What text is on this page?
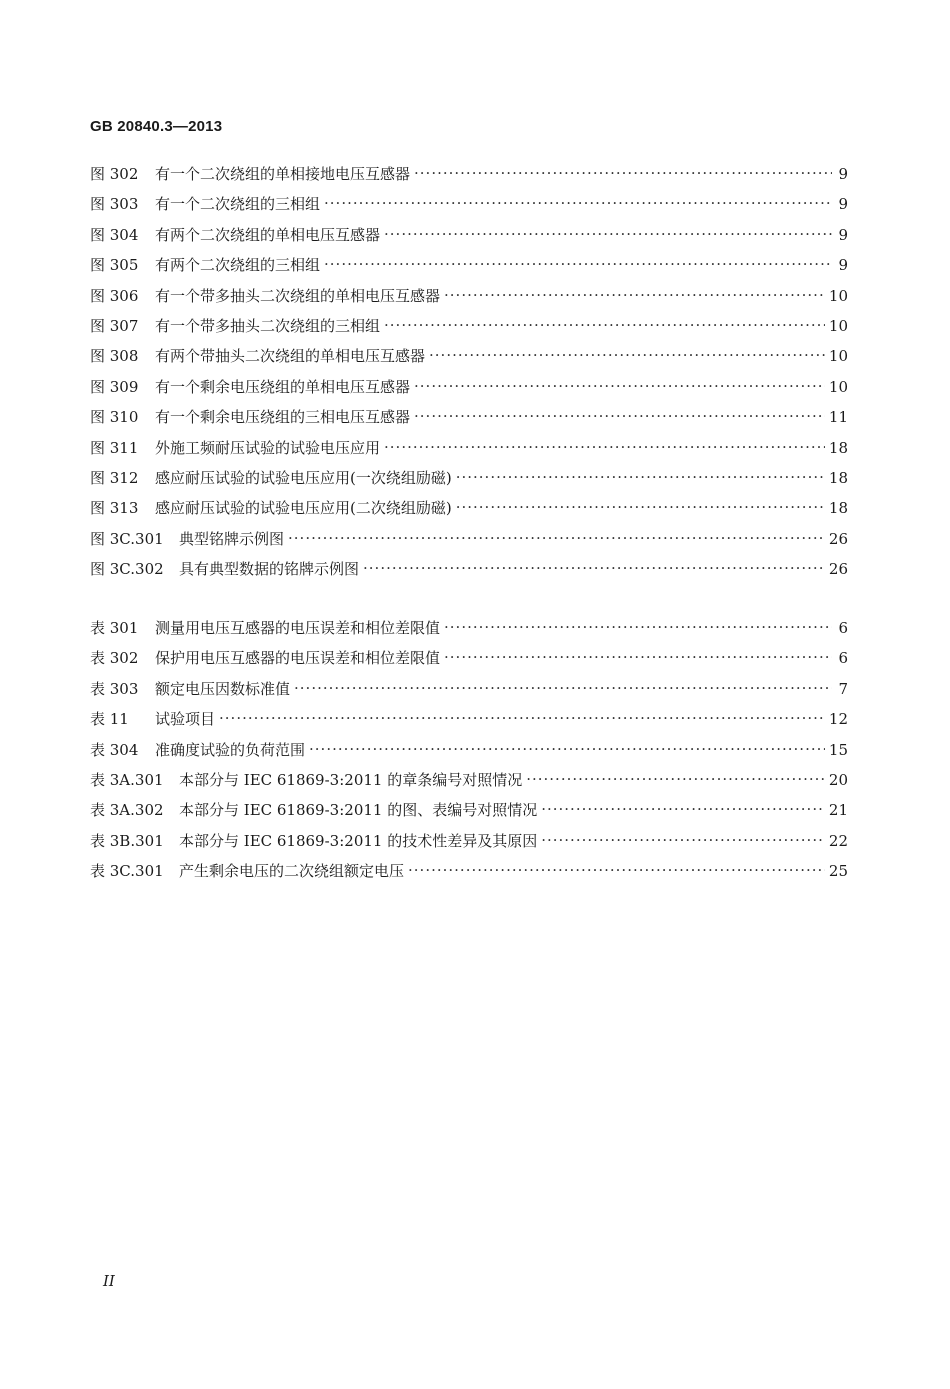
GB 20840.3—2013
图 302	有一个二次绕组的单相接地电压互感器 ·····	9
图 303	有一个二次绕组的三相组 ·····	9
图 304	有两个二次绕组的单相电压互感器 ·····	9
图 305	有两个二次绕组的三相组 ·····	9
图 306	有一个带多抽头二次绕组的单相电压互感器 ·····	10
图 307	有一个带多抽头二次绕组的三相组 ·····	10
图 308	有两个带抽头二次绕组的单相电压互感器 ·····	10
图 309	有一个剩余电压绕组的单相电压互感器 ·····	10
图 310	有一个剩余电压绕组的三相电压互感器 ·····	11
图 311	外施工频耐压试验的试验电压应用 ·····	18
图 312	感应耐压试验的试验电压应用(一次绕组励磁) ·····	18
图 313	感应耐压试验的试验电压应用(二次绕组励磁) ·····	18
图 3C.301	典型铭牌示例图 ·····	26
图 3C.302	具有典型数据的铭牌示例图 ·····	26
表 301	测量用电压互感器的电压误差和相位差限值 ·····	6
表 302	保护用电压互感器的电压误差和相位差限值 ·····	6
表 303	额定电压因数标准值 ·····	7
表 11	试验项目 ·····	12
表 304	准确度试验的负荷范围 ·····	15
表 3A.301	本部分与 IEC 61869-3:2011 的章条编号对照情况 ·····	20
表 3A.302	本部分与 IEC 61869-3:2011 的图、表编号对照情况 ·····	21
表 3B.301	本部分与 IEC 61869-3:2011 的技术性差异及其原因 ·····	22
表 3C.301	产生剩余电压的二次绕组额定电压 ·····	25
II
